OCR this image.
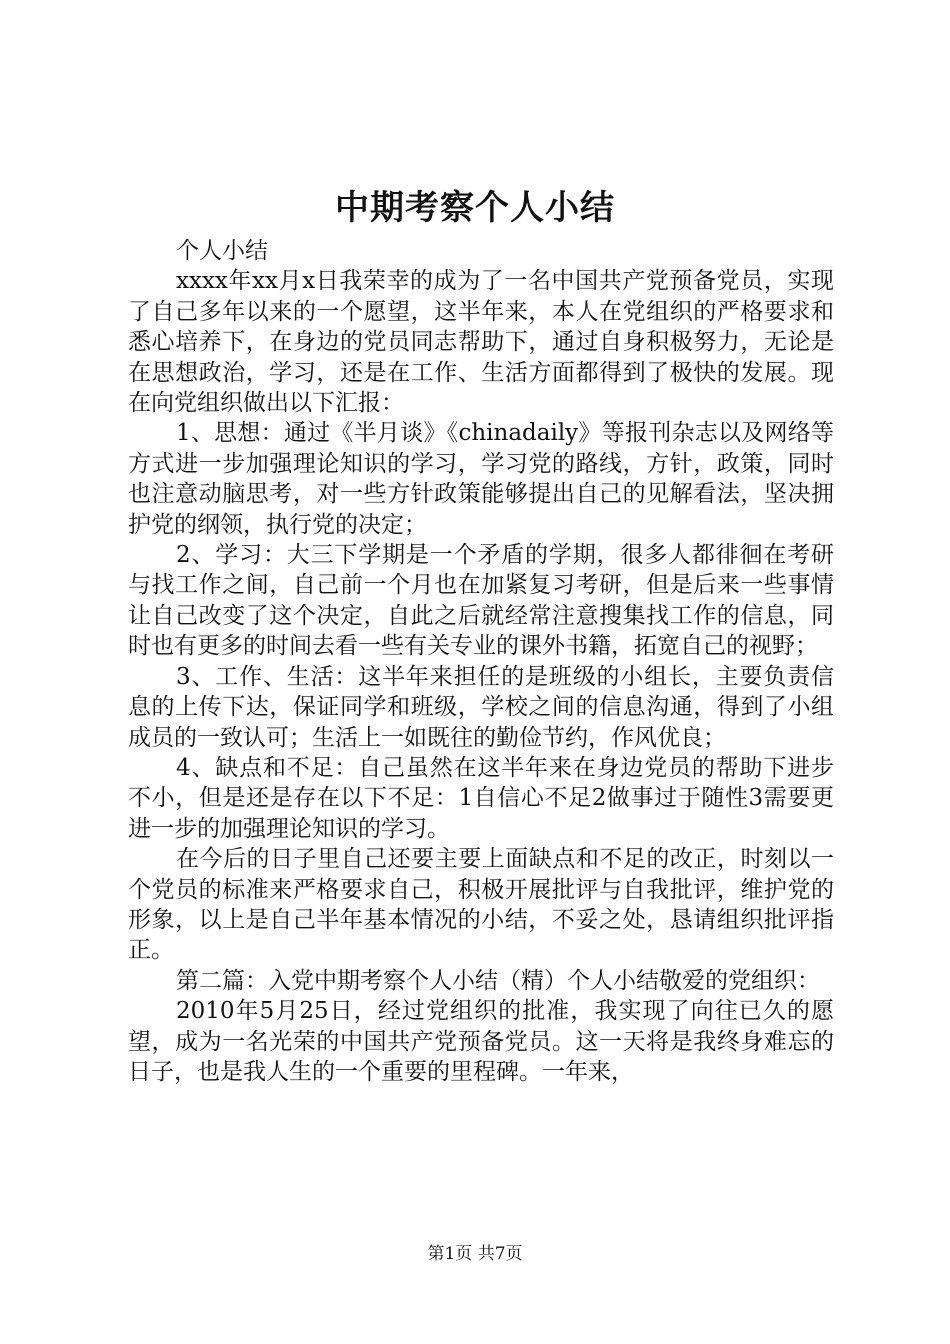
中期考察个人小结

个人小结

xxxx年xx月x日我荣幸的成为了一名中国共产党预备党员，实现了自己多年以来的一个愿望，这半年来，本人在党组织的严格要求和悉心培养下，在身边的党员同志帮助下，通过自身积极努力，无论是在思想政治，学习，还是在工作、生活方面都得到了极快的发展。现在向党组织做出以下汇报：

1、思想：通过《半月谈》《chinadaily》等报刊杂志以及网络等方式进一步加强理论知识的学习，学习党的路线，方针，政策，同时也注意动脑思考，对一些方针政策能够提出自己的见解看法，坚决拥护党的纲领，执行党的决定；

2、学习：大三下学期是一个矛盾的学期，很多人都徘徊在考研与找工作之间，自己前一个月也在加紧复习考研，但是后来一些事情让自己改变了这个决定，自此之后就经常注意搜集找工作的信息，同时也有更多的时间去看一些有关专业的课外书籍，拓宽自己的视野；

3、工作、生活：这半年来担任的是班级的小组长，主要负责信息的上传下达，保证同学和班级，学校之间的信息沟通，得到了小组成员的一致认可；生活上一如既往的勤俭节约，作风优良；

4、缺点和不足：自己虽然在这半年来在身边党员的帮助下进步不小，但是还是存在以下不足：1自信心不足2做事过于随性3需要更进一步的加强理论知识的学习。

在今后的日子里自己还要主要上面缺点和不足的改正，时刻以一个党员的标准来严格要求自己，积极开展批评与自我批评，维护党的形象，以上是自己半年基本情况的小结，不妥之处，恳请组织批评指正。

第二篇：入党中期考察个人小结（精）个人小结敬爱的党组织：

2010年5月25日，经过党组织的批准，我实现了向往已久的愿望，成为一名光荣的中国共产党预备党员。这一天将是我终身难忘的日子，也是我人生的一个重要的里程碑。一年来，

第1页 共7页
